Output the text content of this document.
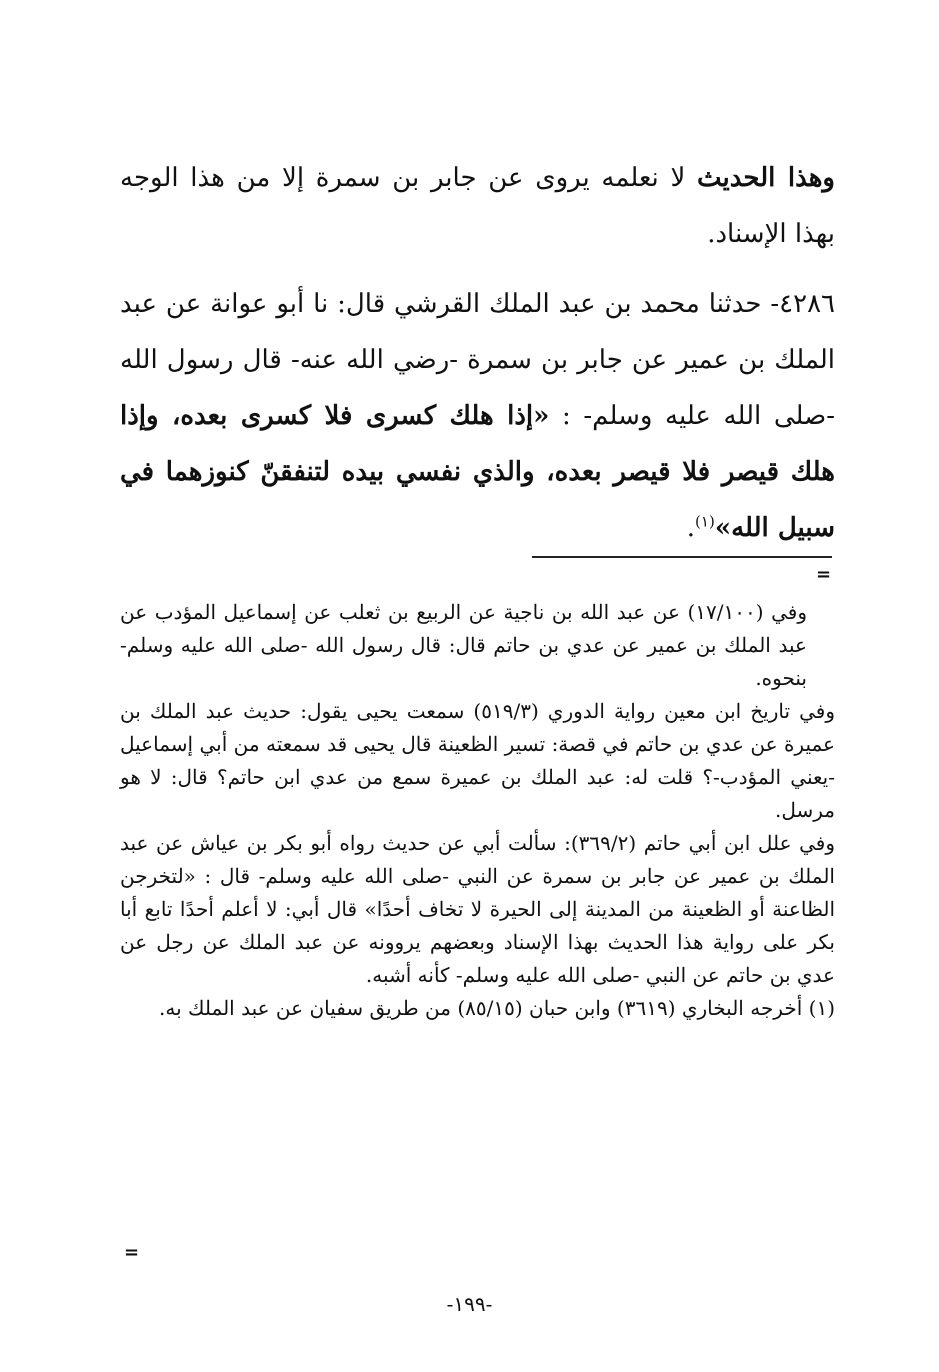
وهذا الحديث لا نعلمه يروى عن جابر بن سمرة إلا من هذا الوجه بهذا الإسناد.

٤٢٨٦- حدثنا محمد بن عبد الملك القرشي قال: نا أبو عوانة عن عبد الملك بن عمير عن جابر بن سمرة -رضي الله عنه- قال رسول الله -صلى الله عليه وسلم- : «إذا هلك كسرى فلا كسرى بعده، وإذا هلك قيصر فلا قيصر بعده، والذي نفسي بيده لتنفقنّ كنوزهما في سبيل الله»$^{(١)}$.

=

وفي (١٧/١٠٠) عن عبد الله بن ناجية عن الربيع بن ثعلب عن إسماعيل المؤدب عن عبد الملك بن عمير عن عدي بن حاتم قال: قال رسول الله -صلى الله عليه وسلم- بنحوه.

وفي تاريخ ابن معين رواية الدوري (٥١٩/٣) سمعت يحيى يقول: حديث عبد الملك بن عميرة عن عدي بن حاتم في قصة: تسير الظعينة قال يحيى قد سمعته من أبي إسماعيل -يعني المؤدب-؟ قلت له: عبد الملك بن عميرة سمع من عدي ابن حاتم؟ قال: لا هو مرسل.

وفي علل ابن أبي حاتم (٣٦٩/٢): سألت أبي عن حديث رواه أبو بكر بن عياش عن عبد الملك بن عمير عن جابر بن سمرة عن النبي -صلى الله عليه وسلم- قال : «لتخرجن الظاعنة أو الظعينة من المدينة إلى الحيرة لا تخاف أحدًا» قال أبي: لا أعلم أحدًا تابع أبا بكر على رواية هذا الحديث بهذا الإسناد وبعضهم يروونه عن عبد الملك عن رجل عن عدي بن حاتم عن النبي -صلى الله عليه وسلم- كأنه أشبه.

(١) أخرجه البخاري (٣٦١٩) وابن حبان (٨٥/١٥) من طريق سفيان عن عبد الملك به.

=
-١٩٩-
